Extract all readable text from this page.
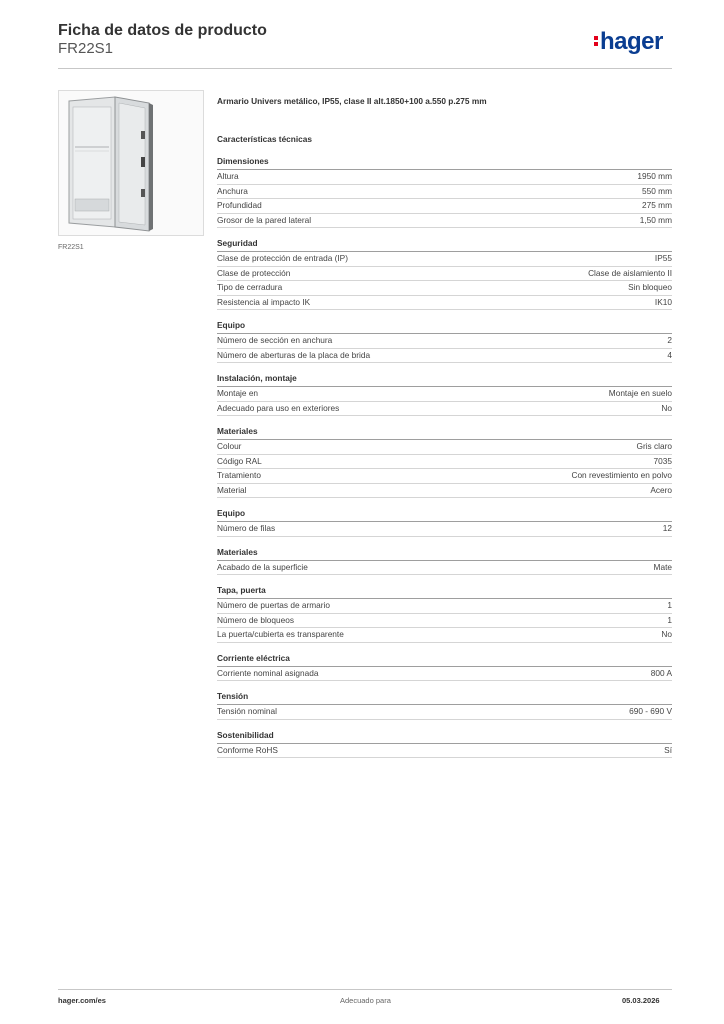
Ficha de datos de producto
FR22S1	hager
FR22S1
Armario Univers metálico, IP55, clase II alt.1850+100 a.550 p.275 mm
Características técnicas
Dimensiones
Altura	1950 mm
Anchura	550 mm
Profundidad	275 mm
Grosor de la pared lateral	1,50 mm
Seguridad
Clase de protección de entrada (IP)	IP55
Clase de protección	Clase de aislamiento II
Tipo de cerradura	Sin bloqueo
Resistencia al impacto IK	IK10
Equipo
Número de sección en anchura	2
Número de aberturas de la placa de brida	4
Instalación, montaje
Montaje en	Montaje en suelo
Adecuado para uso en exteriores	No
Materiales
Colour	Gris claro
Código RAL	7035
Tratamiento	Con revestimiento en polvo
Material	Acero
Equipo
Número de filas	12
Materiales
Acabado de la superficie	Mate
Tapa, puerta
Número de puertas de armario	1
Número de bloqueos	1
La puerta/cubierta es transparente	No
Corriente eléctrica
Corriente nominal asignada	800 A
Tensión
Tensión nominal	690 - 690 V
Sostenibilidad
Conforme RoHS	Sí
hager.com/es	Adecuado para	05.03.2026
